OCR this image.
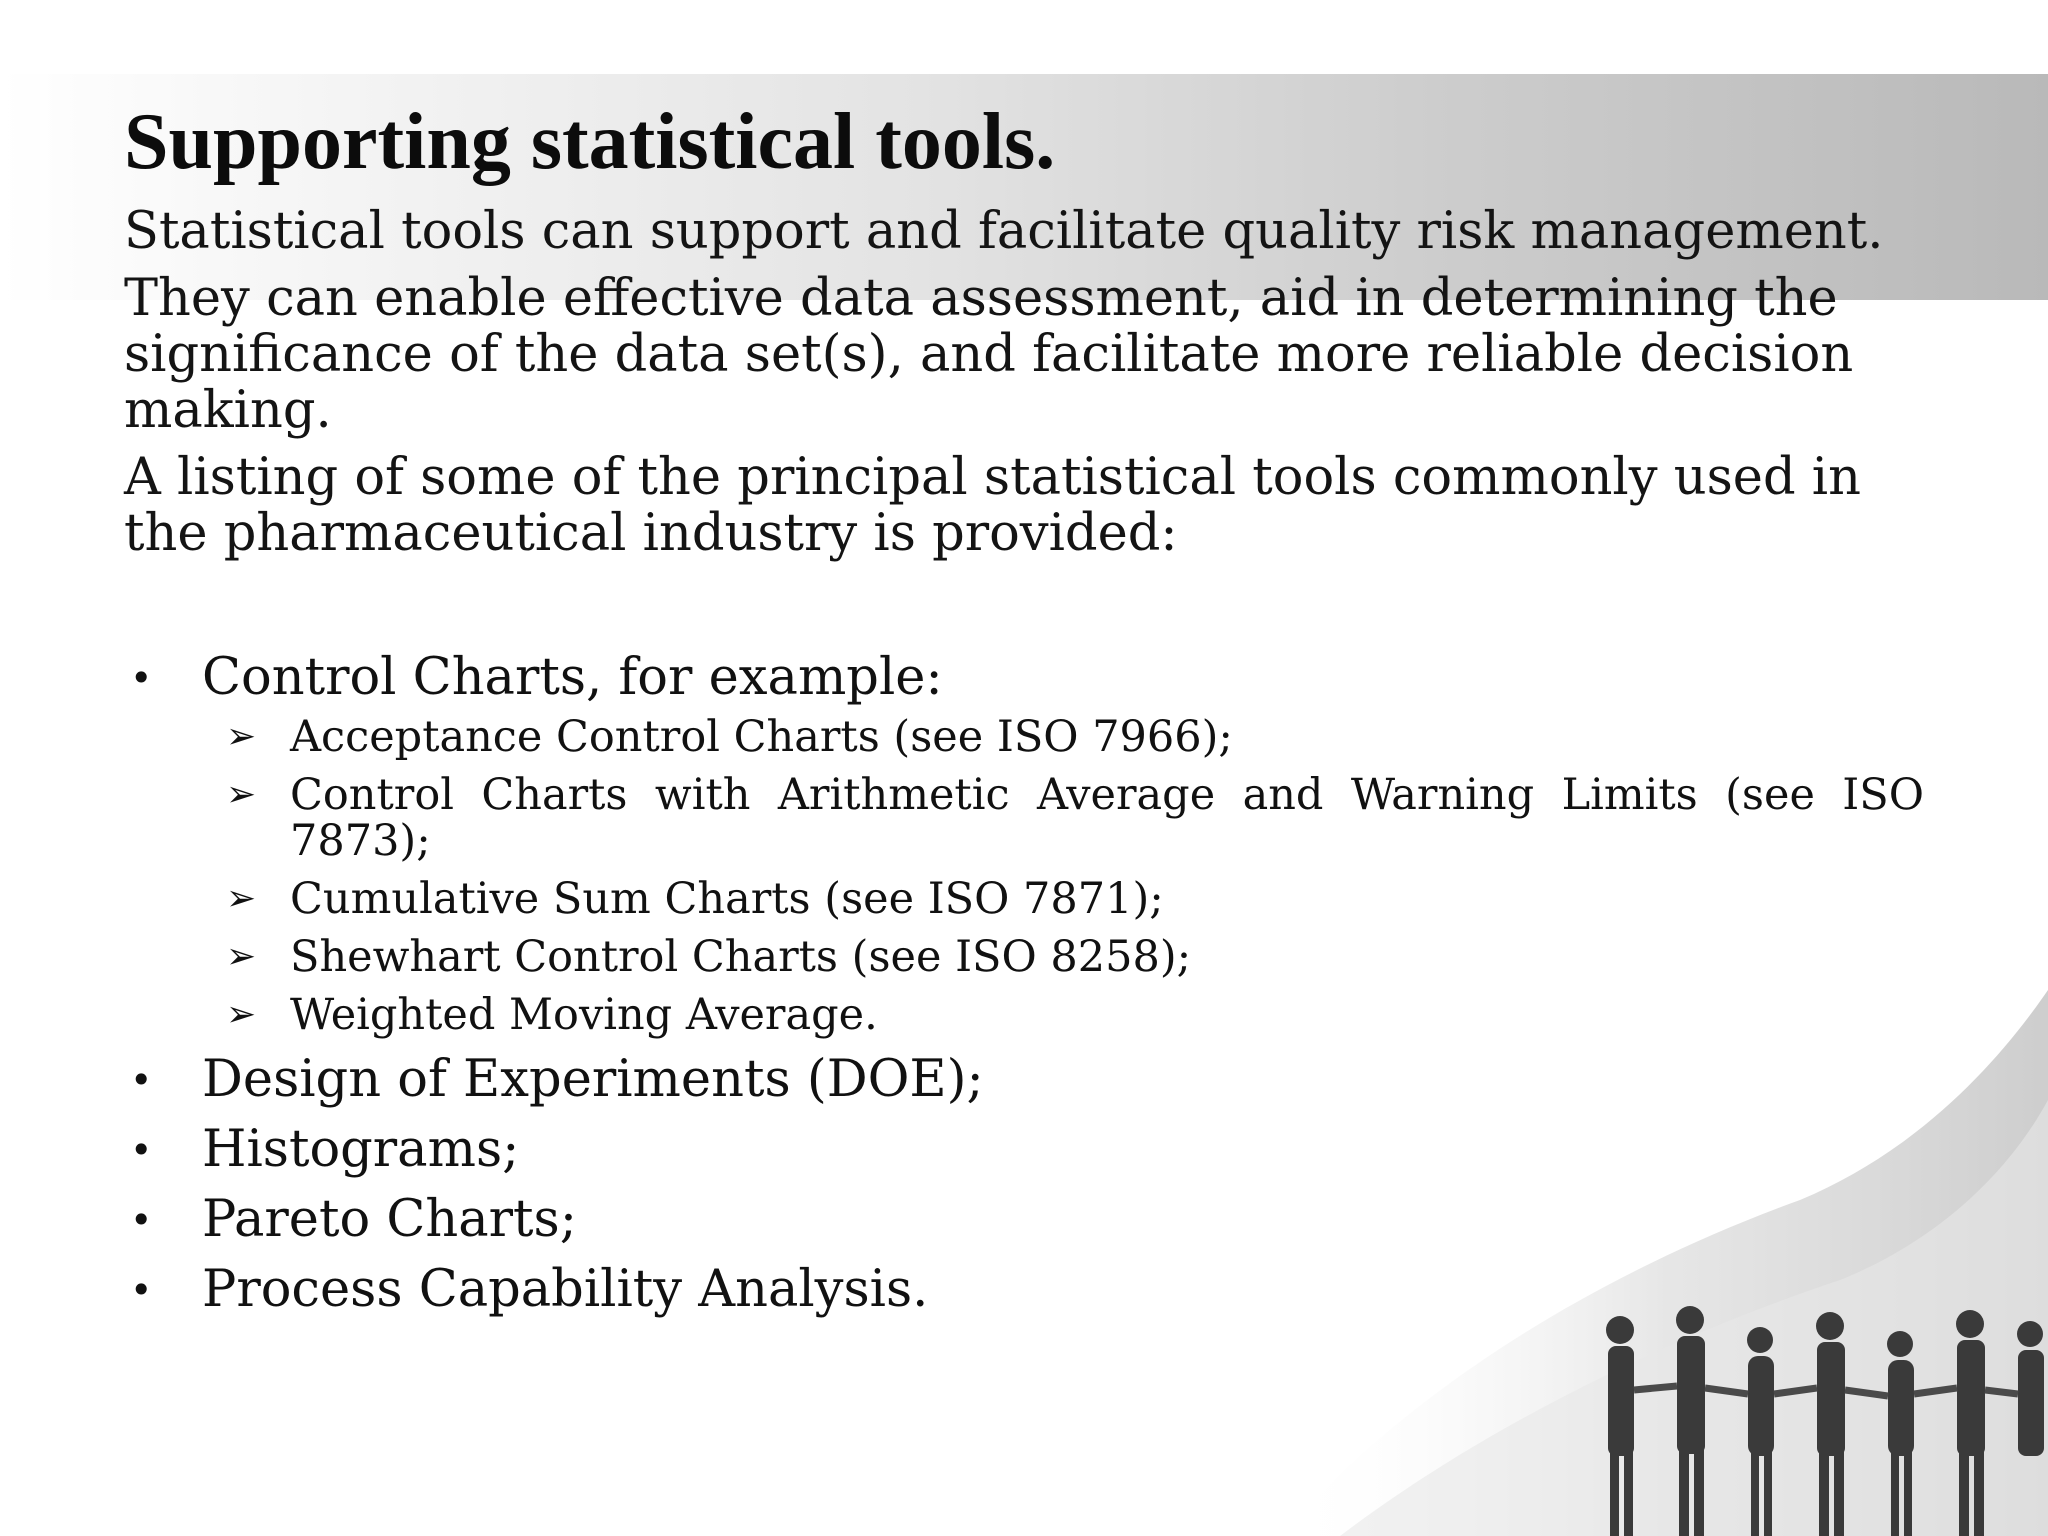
Supporting statistical tools.

Statistical tools can support and facilitate quality risk management.

They can enable effective data assessment, aid in determining the significance of the data set(s), and facilitate more reliable decision making.

A listing of some of the principal statistical tools commonly used in the pharmaceutical industry is provided:

• Control Charts, for example:
➢ Acceptance Control Charts (see ISO 7966);
➢ Control Charts with Arithmetic Average and Warning Limits (see ISO 7873);
➢ Cumulative Sum Charts (see ISO 7871);
➢ Shewhart Control Charts (see ISO 8258);
➢ Weighted Moving Average.
• Design of Experiments (DOE);
• Histograms;
• Pareto Charts;
• Process Capability Analysis.
